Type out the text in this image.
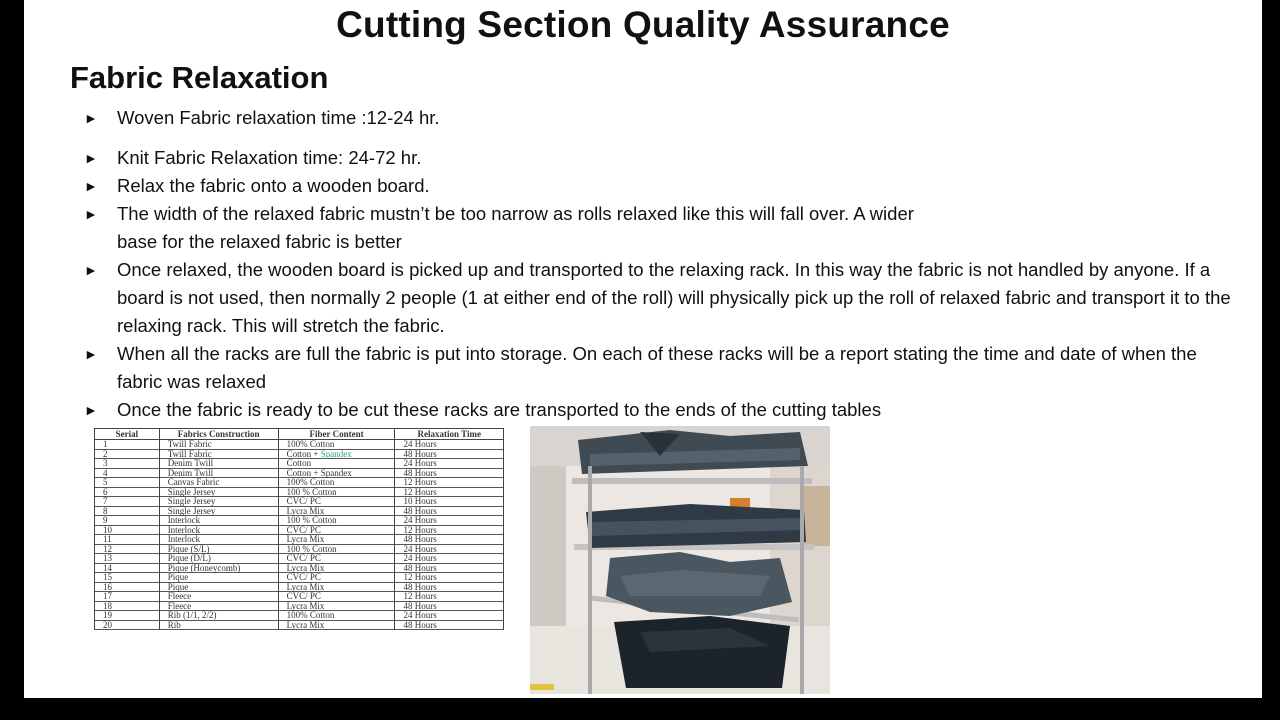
Cutting Section Quality Assurance
Fabric Relaxation
► Woven Fabric relaxation time :12-24 hr.
► Knit Fabric Relaxation time: 24-72 hr.
► Relax the fabric onto a wooden board.
► The width of the relaxed fabric mustn’t be too narrow as rolls relaxed like this will fall over. A wider base for the relaxed fabric is better
► Once relaxed, the wooden board is picked up and transported to the relaxing rack. In this way the fabric is not handled by anyone. If a board is not used, then normally 2 people (1 at either end of the roll) will physically pick up the roll of relaxed fabric and transport it to the relaxing rack. This will stretch the fabric.
► When all the racks are full the fabric is put into storage. On each of these racks will be a report stating the time and date of when the fabric was relaxed
► Once the fabric is ready to be cut these racks are transported to the ends of the cutting tables
Serial	Fabrics Construction	Fiber Content	Relaxation Time
1	Twill Fabric	100% Cotton	24 Hours
2	Twill Fabric	Cotton + Spandex	48 Hours
3	Denim Twill	Cotton	24 Hours
4	Denim Twill	Cotton + Spandex	48 Hours
5	Canvas Fabric	100% Cotton	12 Hours
6	Single Jersey	100 % Cotton	12 Hours
7	Single Jersey	CVC/ PC	10 Hours
8	Single Jersey	Lycra Mix	48 Hours
9	Interlock	100 % Cotton	24 Hours
10	Interlock	CVC/ PC	12 Hours
11	Interlock	Lycra Mix	48 Hours
12	Pique (S/L)	100 % Cotton	24 Hours
13	Pique (D/L)	CVC/ PC	24 Hours
14	Pique (Honeycomb)	Lycra Mix	48 Hours
15	Pique	CVC/ PC	12 Hours
16	Pique	Lycra Mix	48 Hours
17	Fleece	CVC/ PC	12 Hours
18	Fleece	Lycra Mix	48 Hours
19	Rib (1/1, 2/2)	100% Cotton	24 Hours
20	Rib	Lycra Mix	48 Hours
